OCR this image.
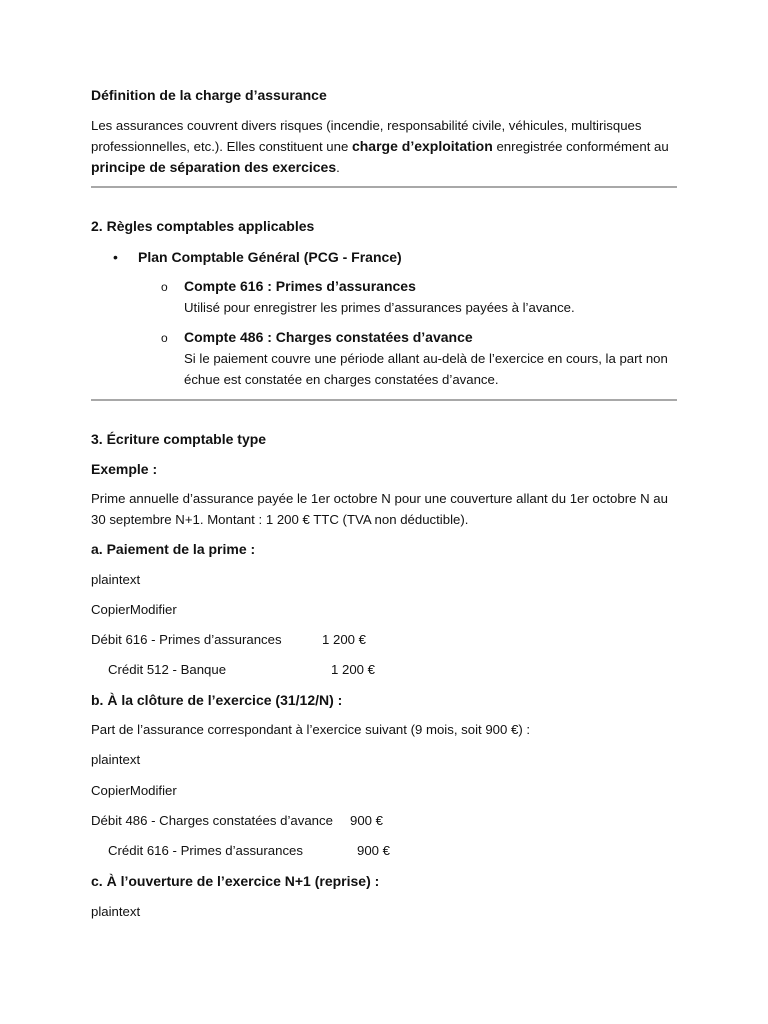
Définition de la charge d’assurance

Les assurances couvrent divers risques (incendie, responsabilité civile, véhicules, multirisques professionnelles, etc.). Elles constituent une charge d’exploitation enregistrée conformément au principe de séparation des exercices.

2. Règles comptables applicables
• Plan Comptable Général (PCG - France)
o Compte 616 : Primes d’assurances

Utilisé pour enregistrer les primes d’assurances payées à l’avance.

o Compte 486 : Charges constatées d’avance

Si le paiement couvre une période allant au-delà de l’exercice en cours, la part non échue est constatée en charges constatées d’avance.

3. Écriture comptable type
Exemple :

Prime annuelle d’assurance payée le 1er octobre N pour une couverture allant du 1er octobre N au 30 septembre N+1. Montant : 1 200 € TTC (TVA non déductible).

a. Paiement de la prime :
plaintext
CopierModifier
Débit 616 - Primes d’assurances	1 200 €
Crédit 512 - Banque	1 200 €
b. À la clôture de l’exercice (31/12/N) :
Part de l’assurance correspondant à l’exercice suivant (9 mois, soit 900 €) :
plaintext
CopierModifier
Débit 486 - Charges constatées d’avance 900 €
Crédit 616 - Primes d’assurances	900 €
c. À l’ouverture de l’exercice N+1 (reprise) :
plaintext
